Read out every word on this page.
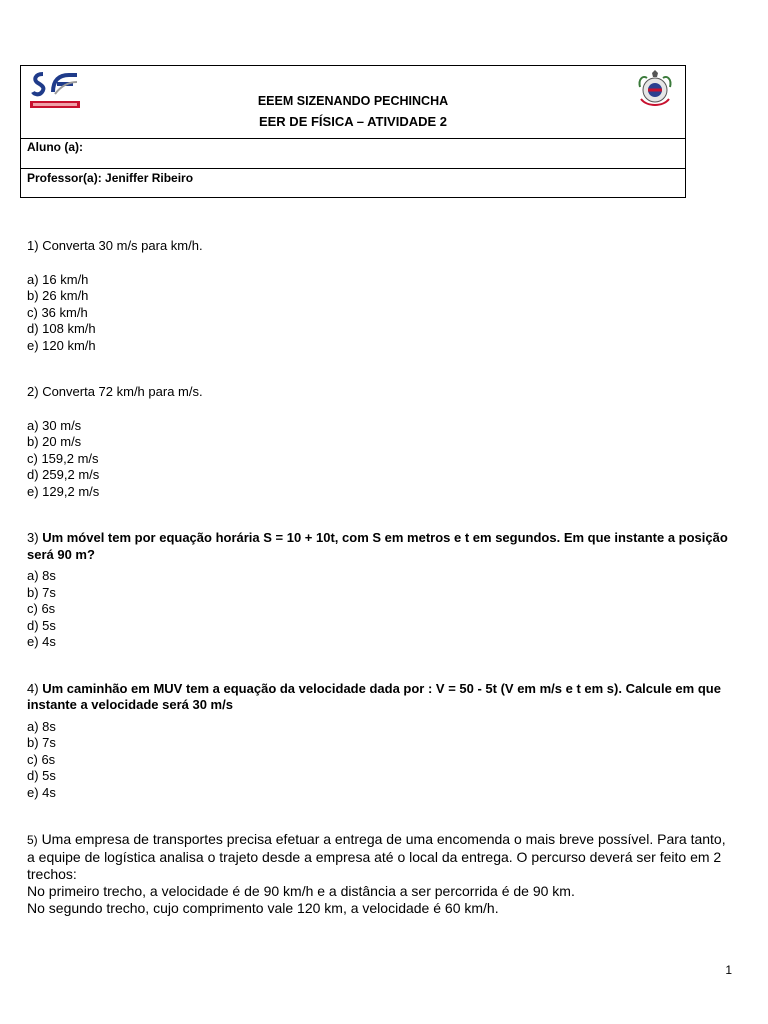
EEEM SIZENANDO PECHINCHA
EER DE FÍSICA – ATIVIDADE 2
Aluno (a):
Professor(a): Jeniffer Ribeiro

1) Converta 30 m/s para km/h.

a) 16 km/h
b) 26 km/h
c) 36 km/h
d) 108 km/h
e) 120 km/h

2) Converta 72 km/h para m/s.

a) 30 m/s
b) 20 m/s
c) 159,2 m/s
d) 259,2 m/s
e) 129,2 m/s

3) Um móvel tem por equação horária S = 10 + 10t, com S em metros e t em segundos. Em que instante a posição será 90 m?

a) 8s
b) 7s
c) 6s
d) 5s
e) 4s

4) Um caminhão em MUV tem a equação da velocidade dada por : V = 50 - 5t (V em m/s e t em s). Calcule em que instante a velocidade será 30 m/s

a) 8s
b) 7s
c) 6s
d) 5s
e) 4s
5) Uma empresa de transportes precisa efetuar a entrega de uma encomenda o mais breve possível. Para tanto, a equipe de logística analisa o trajeto desde a empresa até o local da entrega. O percurso deverá ser feito em 2 trechos:
No primeiro trecho, a velocidade é de 90 km/h e a distância a ser percorrida é de 90 km.
No segundo trecho, cujo comprimento vale 120 km, a velocidade é 60 km/h.
1
